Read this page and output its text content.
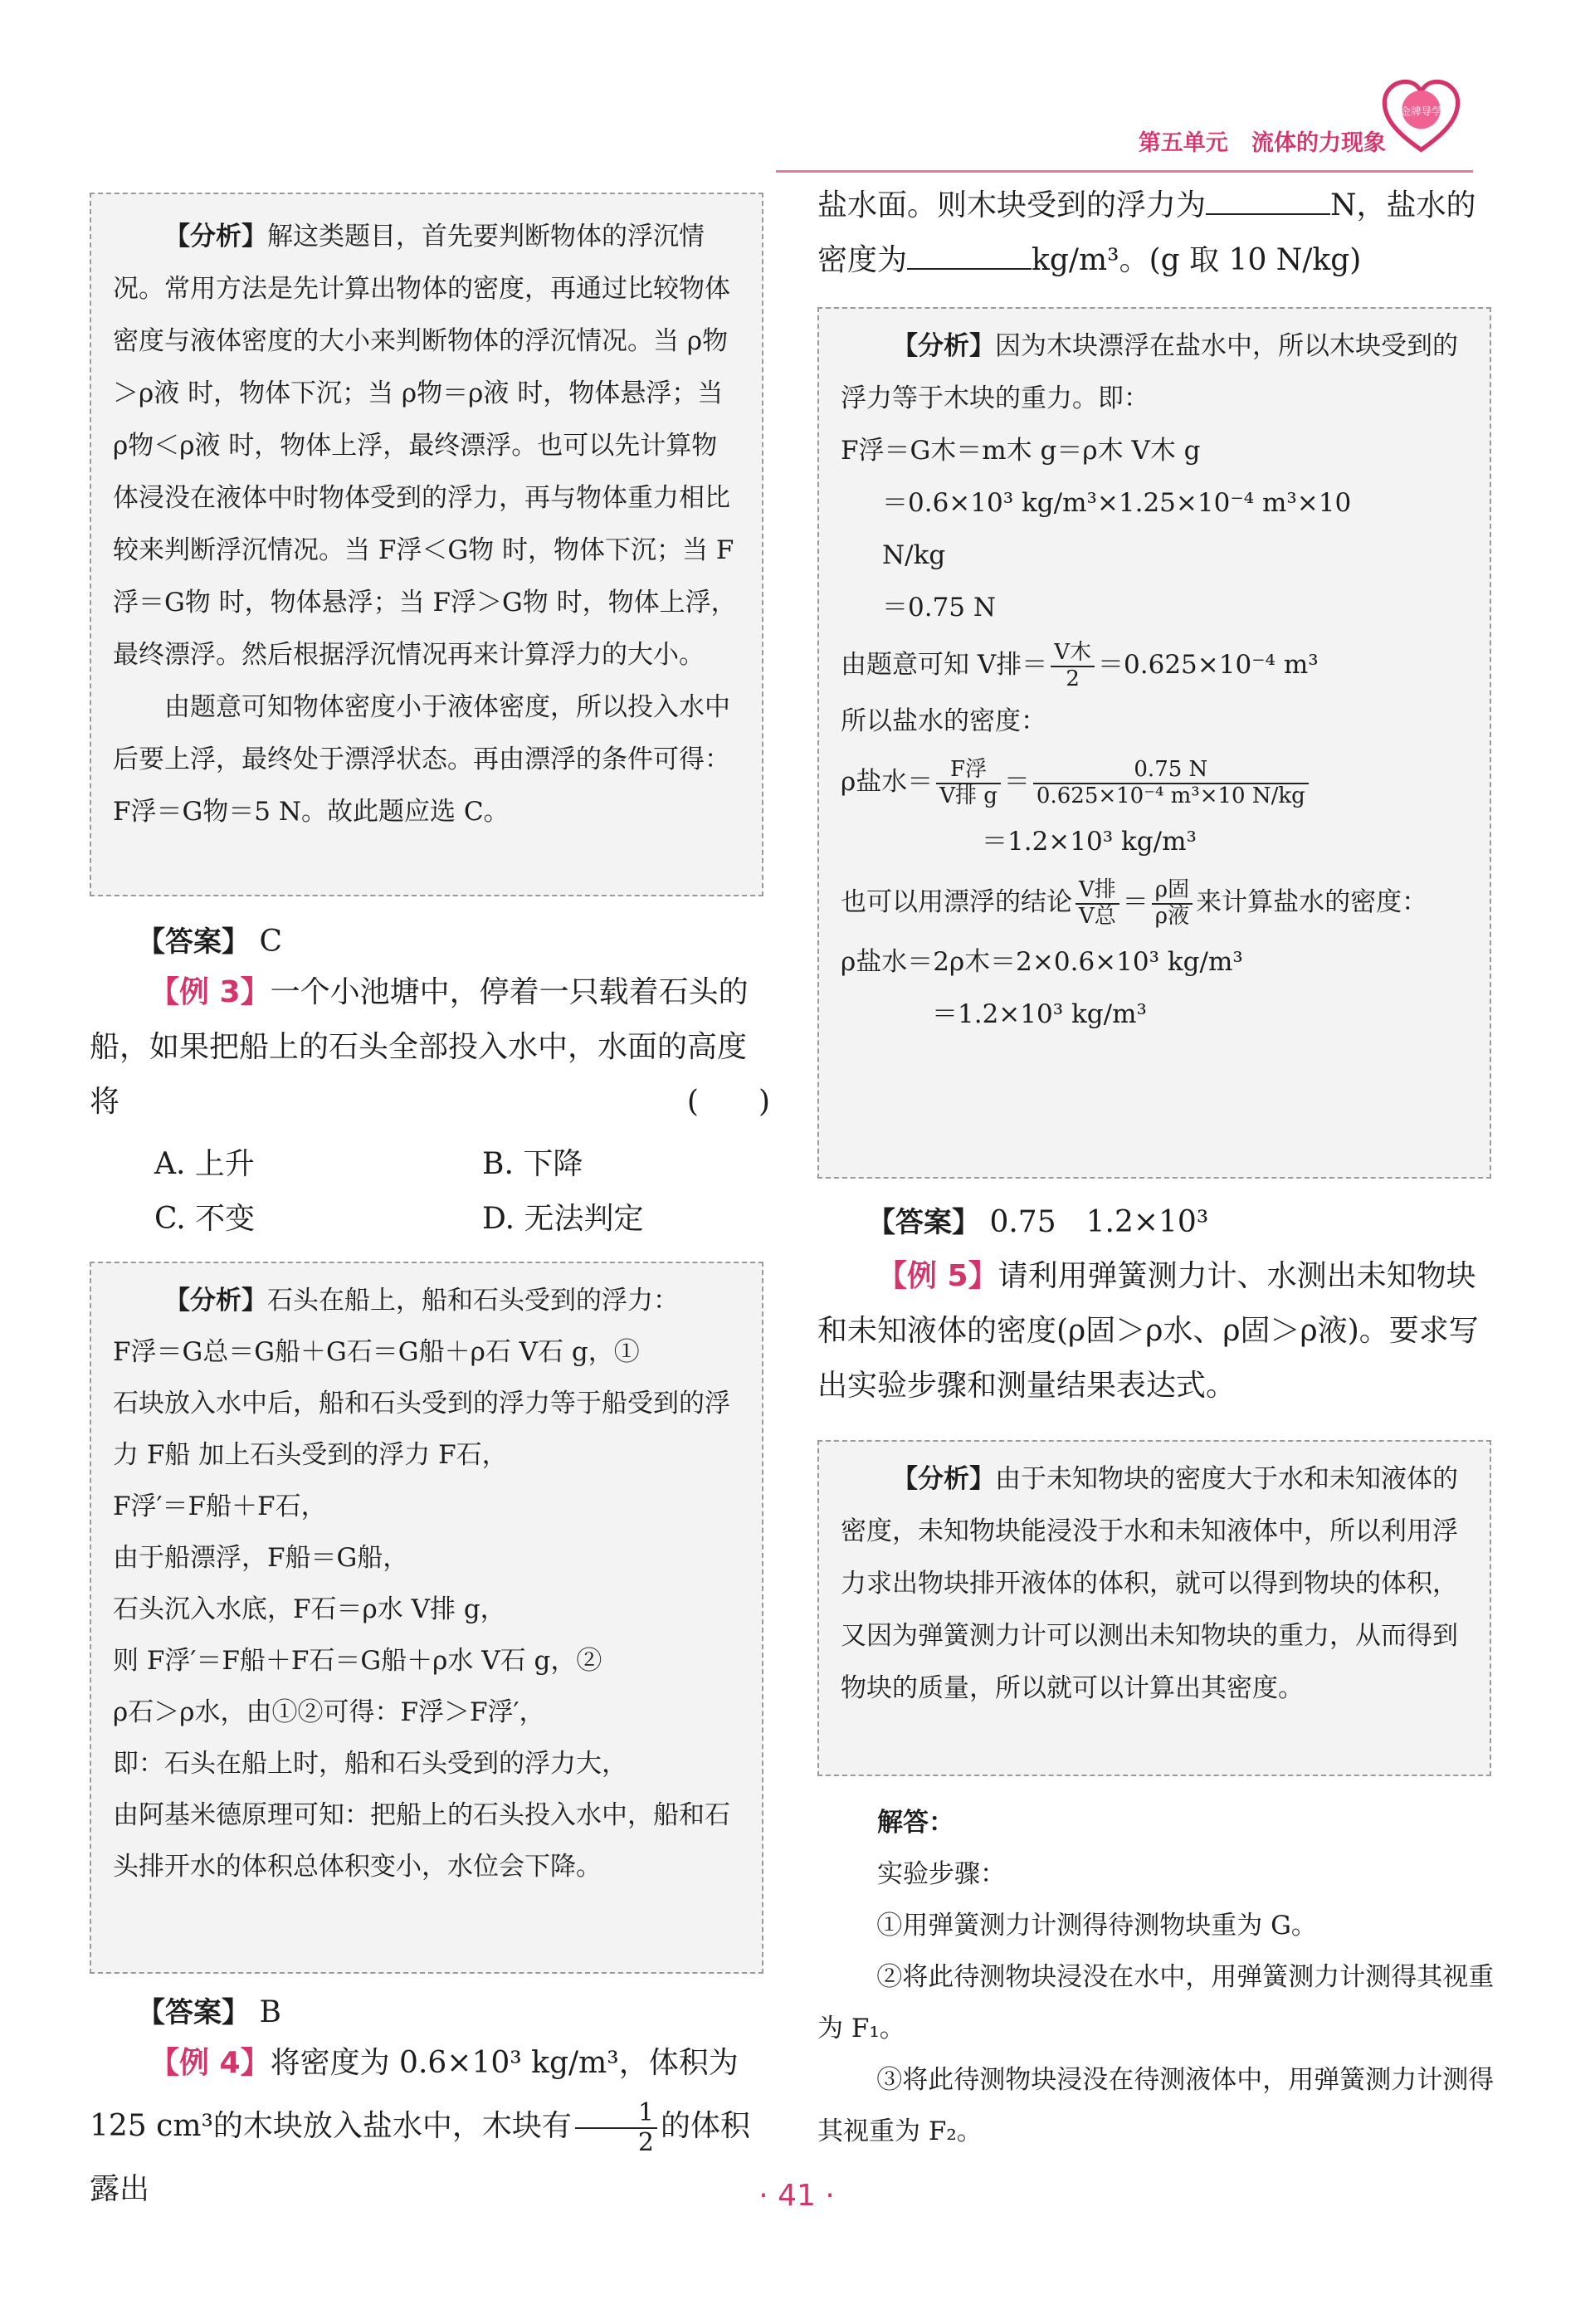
金牌导学
第五单元 流体的力现象

【分析】解这类题目，首先要判断物体的浮沉情况。常用方法是先计算出物体的密度，再通过比较物体密度与液体密度的大小来判断物体的浮沉情况。当 ρ物＞ρ液 时，物体下沉；当 ρ物＝ρ液 时，物体悬浮；当 ρ物＜ρ液 时，物体上浮，最终漂浮。也可以先计算物体浸没在液体中时物体受到的浮力，再与物体重力相比较来判断浮沉情况。当 F浮＜G物 时，物体下沉；当 F浮＝G物 时，物体悬浮；当 F浮＞G物 时，物体上浮，最终漂浮。然后根据浮沉情况再来计算浮力的大小。

由题意可知物体密度小于液体密度，所以投入水中后要上浮，最终处于漂浮状态。再由漂浮的条件可得：F浮＝G物＝5 N。故此题应选 C。

【答案】 C

【例 3】一个小池塘中，停着一只载着石头的船，如果把船上的石头全部投入水中，水面的高度将	(　　)

A. 上升	B. 下降
C. 不变	D. 无法判定
【分析】石头在船上，船和石头受到的浮力：
F浮＝G总＝G船＋G石＝G船＋ρ石 V石 g，①
石块放入水中后，船和石头受到的浮力等于船受到的浮力 F船 加上石头受到的浮力 F石，
F浮′＝F船＋F石，
由于船漂浮，F船＝G船，
石头沉入水底，F石＝ρ水 V排 g，
则 F浮′＝F船＋F石＝G船＋ρ水 V石 g，②
ρ石＞ρ水，由①②可得：F浮＞F浮′，
即：石头在船上时，船和石头受到的浮力大，
由阿基米德原理可知：把船上的石头投入水中，船和石头排开水的体积总体积变小，水位会下降。
【答案】 B

【例 4】将密度为 0.6×10³ kg/m³，体积为 125 cm³的木块放入盐水中，木块有 $\frac{1}{2}$ 的体积露出

盐水面。则木块受到的浮力为	N，盐水的密度为	kg/m³。(g 取 10 N/kg)

【分析】因为木块漂浮在盐水中，所以木块受到的浮力等于木块的重力。即：

F浮＝G木＝m木 g＝ρ木 V木 g
＝0.6×10³ kg/m³×1.25×10⁻⁴ m³×10
N/kg
＝0.75 N
由题意可知 V排＝ $\frac{\text{V木}}{2} =0.625\times 10^{-4}$ m³
所以盐水的密度：
ρ盐水＝ $\frac{\text{F浮}}{\text{V排 g}} = \frac{0.75 N}{\text{0.625×10⁻⁴ m³×10 N/kg}}$
＝1.2×10³ kg/m³
也可以用漂浮的结论 $\frac{\text{V排}}{\text{V总}} = \frac{\text{ρ固}}{\text{ρ液}}$ 来计算盐水的密度：
ρ盐水＝2ρ木＝2×0.6×10³ kg/m³
＝1.2×10³ kg/m³
【答案】 0.75　1.2×10³

【例 5】请利用弹簧测力计、水测出未知物块和未知液体的密度(ρ固＞ρ水、ρ固＞ρ液)。要求写出实验步骤和测量结果表达式。

【分析】由于未知物块的密度大于水和未知液体的密度，未知物块能浸没于水和未知液体中，所以利用浮力求出物块排开液体的体积，就可以得到物块的体积，又因为弹簧测力计可以测出未知物块的重力，从而得到物块的质量，所以就可以计算出其密度。

解答：

实验步骤：

①用弹簧测力计测得待测物块重为 G。

②将此待测物块浸没在水中，用弹簧测力计测得其视重为 F₁。

③将此待测物块浸没在待测液体中，用弹簧测力计测得其视重为 F₂。

· 41 ·
